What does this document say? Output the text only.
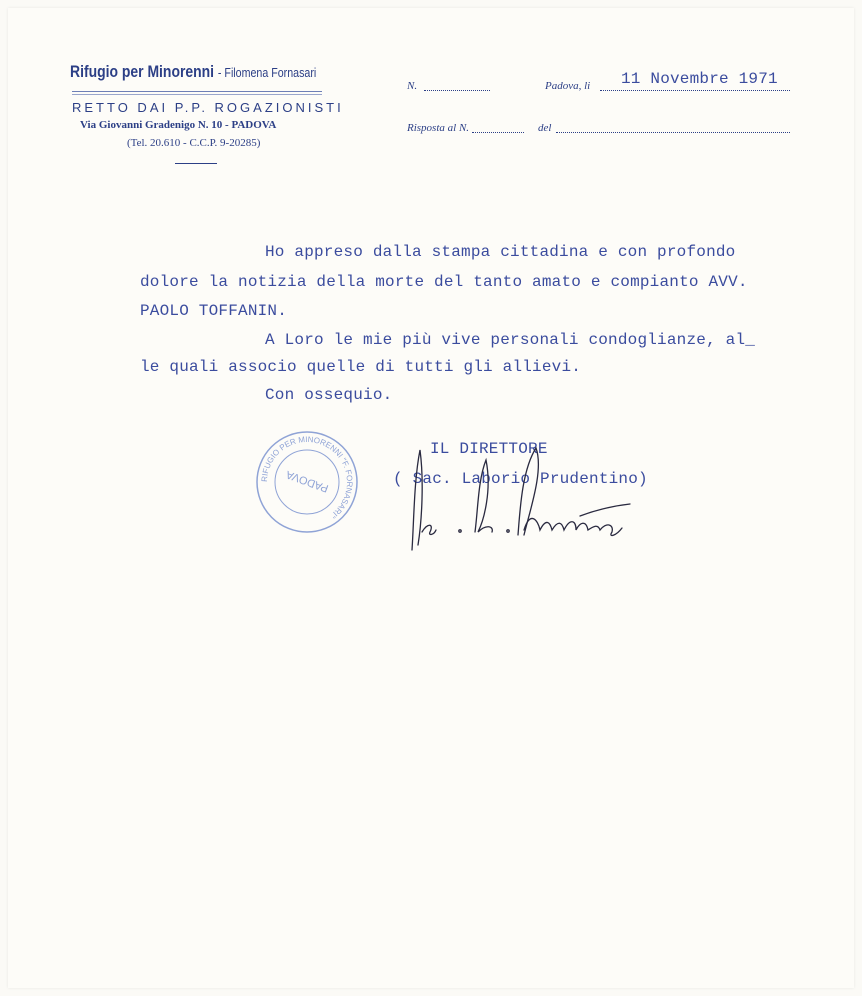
Rifugio per Minorenni - Filomena Fornasari
RETTO DAI P.P. ROGAZIONISTI
Via Giovanni Gradenigo N. 10 - PADOVA
(Tel. 20.610 - C.C.P. 9-20285)
N.	Padova, li 11 Novembre 1971
Risposta al N.	del
Ho appreso dalla stampa cittadina e con profondo
dolore la notizia della morte del tanto amato e compianto AVV.
PAOLO TOFFANIN.
A Loro le mie più vive personali condoglianze, al_
le quali associo quelle di tutti gli allievi.
Con ossequio.
IL DIRETTORE
( Sac. Laborio Prudentino)
RIFUGIO PER MINORENNI "F. FORNASARI"
PADOVA
